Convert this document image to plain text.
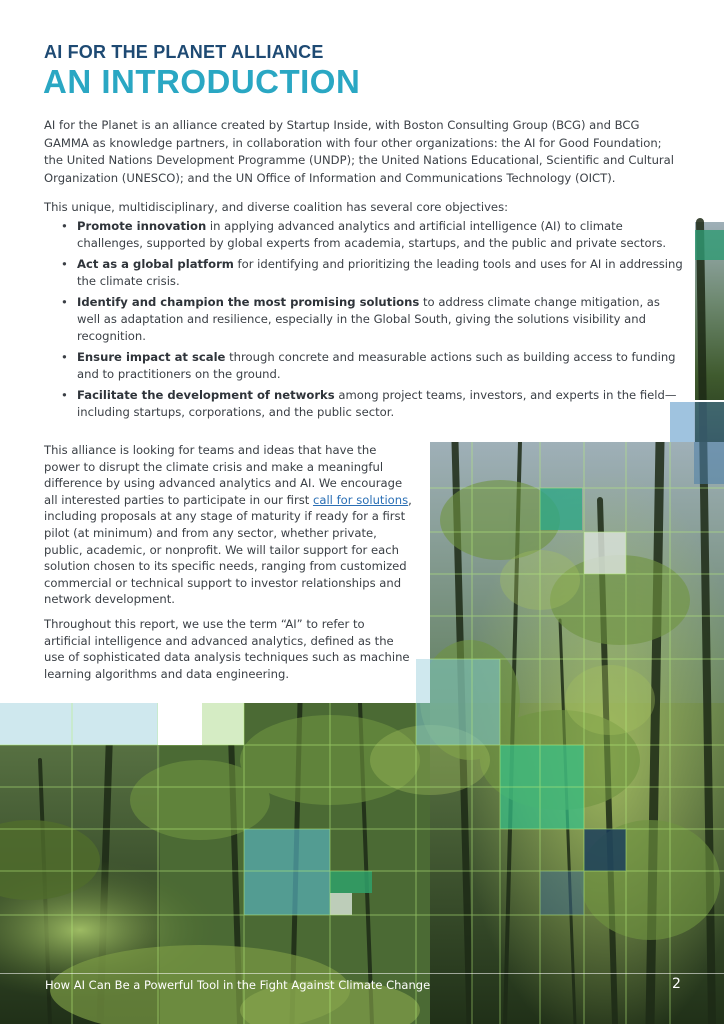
AI FOR THE PLANET ALLIANCE
AN INTRODUCTION

AI for the Planet is an alliance created by Startup Inside, with Boston Consulting Group (BCG) and BCG GAMMA as knowledge partners, in collaboration with four other organizations: the AI for Good Foundation; the United Nations Development Programme (UNDP); the United Nations Educational, Scientific and Cultural Organization (UNESCO); and the UN Office of Information and Communications Technology (OICT).

This unique, multidisciplinary, and diverse coalition has several core objectives:

• Promote innovation in applying advanced analytics and artificial intelligence (AI) to climate challenges, supported by global experts from academia, startups, and the public and private sectors.
• Act as a global platform for identifying and prioritizing the leading tools and uses for AI in addressing the climate crisis.
• Identify and champion the most promising solutions to address climate change mitigation, as well as adaptation and resilience, especially in the Global South, giving the solutions visibility and recognition.
• Ensure impact at scale through concrete and measurable actions such as building access to funding and to practitioners on the ground.
• Facilitate the development of networks among project teams, investors, and experts in the field—including startups, corporations, and the public sector.

This alliance is looking for teams and ideas that have the power to disrupt the climate crisis and make a meaningful difference by using advanced analytics and AI. We encourage all interested parties to participate in our first call for solutions, including proposals at any stage of maturity if ready for a first pilot (at minimum) and from any sector, whether private, public, academic, or nonprofit. We will tailor support for each solution chosen to its specific needs, ranging from customized commercial or technical support to investor relationships and network development.

Throughout this report, we use the term “AI” to refer to artificial intelligence and advanced analytics, defined as the use of sophisticated data analysis techniques such as machine learning algorithms and data engineering.

How AI Can Be a Powerful Tool in the Fight Against Climate Change	2
